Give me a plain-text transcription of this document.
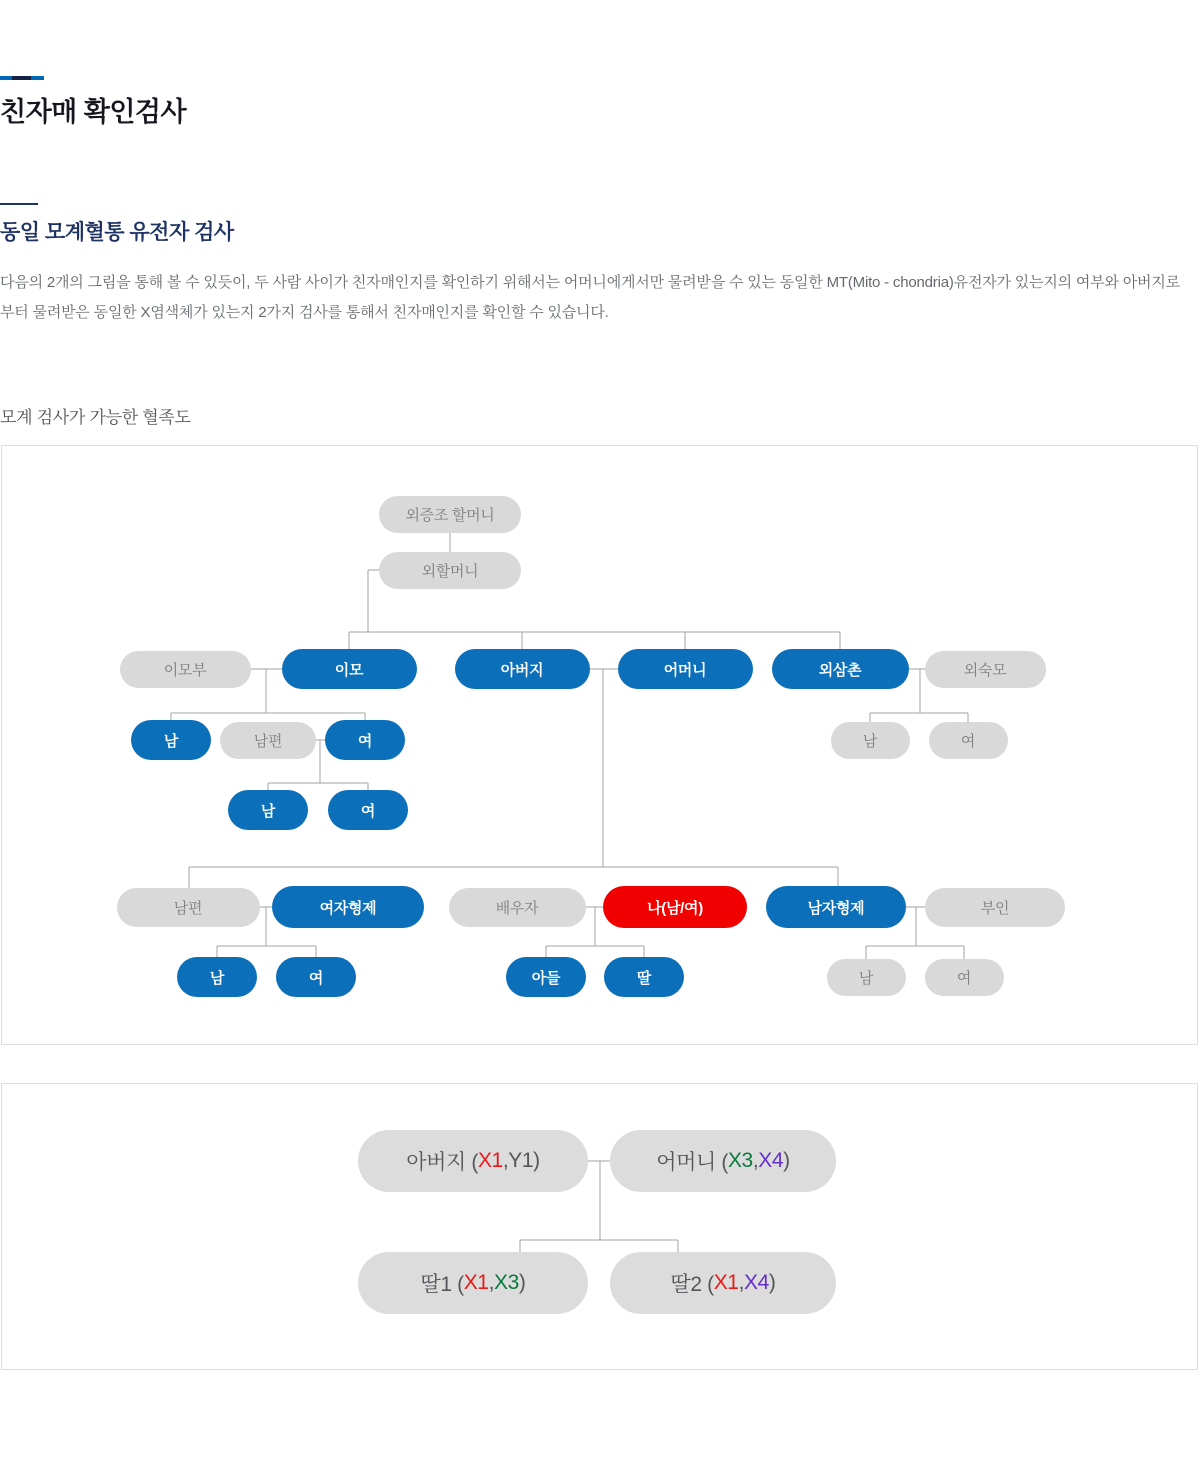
친자매 확인검사
동일 모계혈통 유전자 검사

다음의 2개의 그림을 통해 볼 수 있듯이, 두 사람 사이가 친자매인지를 확인하기 위해서는 어머니에게서만 물려받을 수 있는 동일한 MT(Mito - chondria)유전자가 있는지의 여부와 아버지로부터 물려받은 동일한 X염색체가 있는지 2가지 검사를 통해서 친자매인지를 확인할 수 있습니다.

모계 검사가 가능한 혈족도
외증조 할머니
외할머니
이모부	이모	아버지	어머니	외삼촌	외숙모
남	남편	여	남	여
남	여
남편	여자형제	배우자	나(남/여)	남자형제	부인
남	여	아들	딸	남	여
아버지 ( X1 , Y1 )	어머니 ( X3 , X4 )
딸1 ( X1 , X3 )	딸2 ( X1 , X4 )
